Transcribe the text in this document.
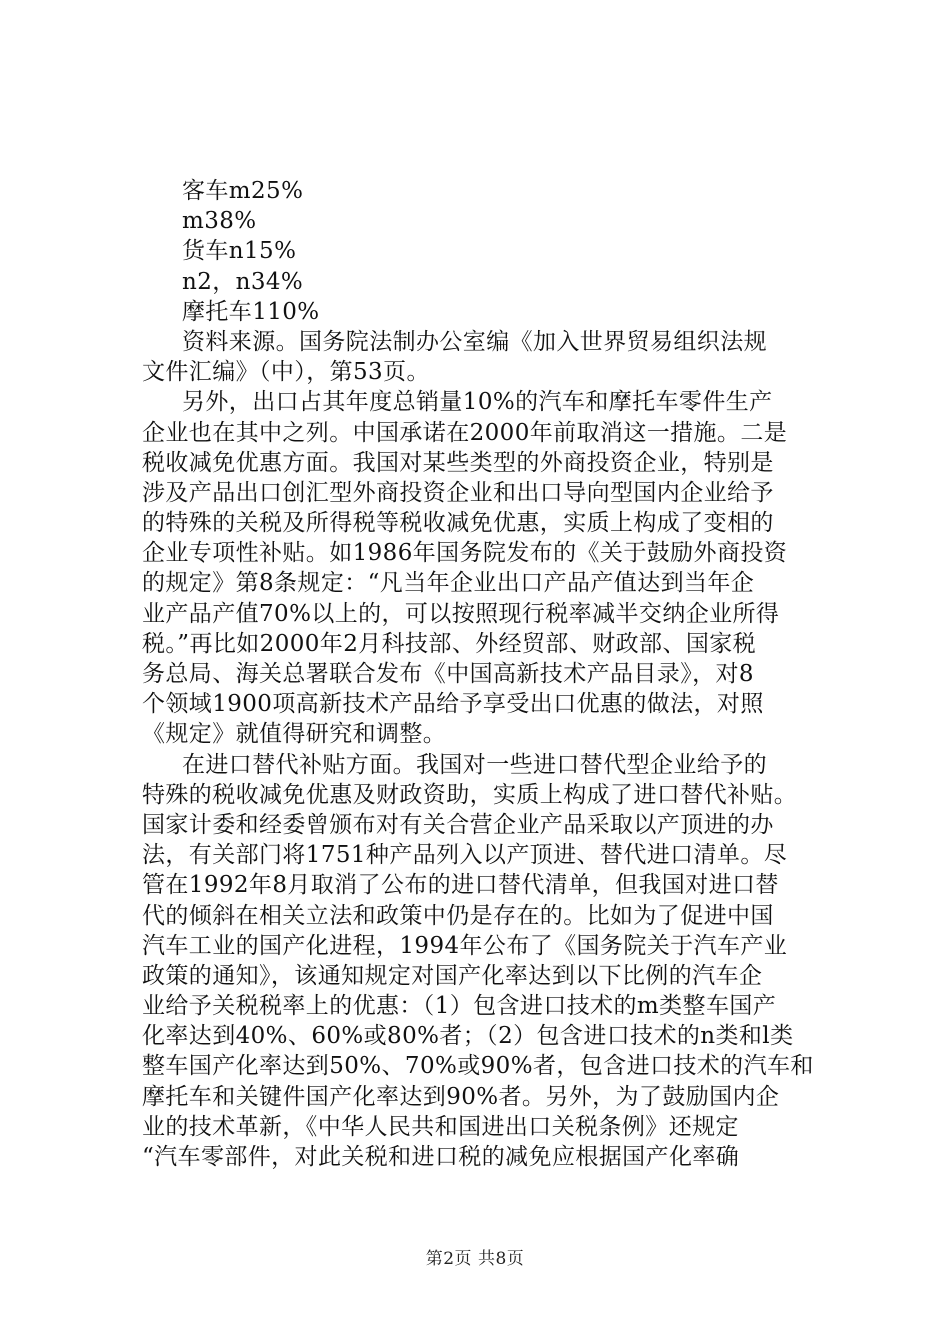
客车m25%
m38%
货车n15%
n2，n34%
摩托车110%
资料来源。国务院法制办公室编《加入世界贸易组织法规
文件汇编》（中），第53页。
另外，出口占其年度总销量10%的汽车和摩托车零件生产
企业也在其中之列。中国承诺在2000年前取消这一措施。二是
税收减免优惠方面。我国对某些类型的外商投资企业，特别是
涉及产品出口创汇型外商投资企业和出口导向型国内企业给予
的特殊的关税及所得税等税收减免优惠，实质上构成了变相的
企业专项性补贴。如1986年国务院发布的《关于鼓励外商投资
的规定》第8条规定：“凡当年企业出口产品产值达到当年企
业产品产值70%以上的，可以按照现行税率减半交纳企业所得
税。”再比如2000年2月科技部、外经贸部、财政部、国家税
务总局、海关总署联合发布《中国高新技术产品目录》，对8
个领域1900项高新技术产品给予享受出口优惠的做法，对照
《规定》就值得研究和调整。
在进口替代补贴方面。我国对一些进口替代型企业给予的
特殊的税收减免优惠及财政资助，实质上构成了进口替代补贴。
国家计委和经委曾颁布对有关合营企业产品采取以产顶进的办
法，有关部门将1751种产品列入以产顶进、替代进口清单。尽
管在1992年8月取消了公布的进口替代清单，但我国对进口替
代的倾斜在相关立法和政策中仍是存在的。比如为了促进中国
汽车工业的国产化进程，1994年公布了《国务院关于汽车产业
政策的通知》，该通知规定对国产化率达到以下比例的汽车企
业给予关税税率上的优惠：（1）包含进口技术的m类整车国产
化率达到40%、60%或80%者；（2）包含进口技术的n类和l类
整车国产化率达到50%、70%或90%者，包含进口技术的汽车和
摩托车和关键件国产化率达到90%者。另外，为了鼓励国内企
业的技术革新，《中华人民共和国进出口关税条例》还规定
“汽车零部件，对此关税和进口税的减免应根据国产化率确
第2页 共8页
